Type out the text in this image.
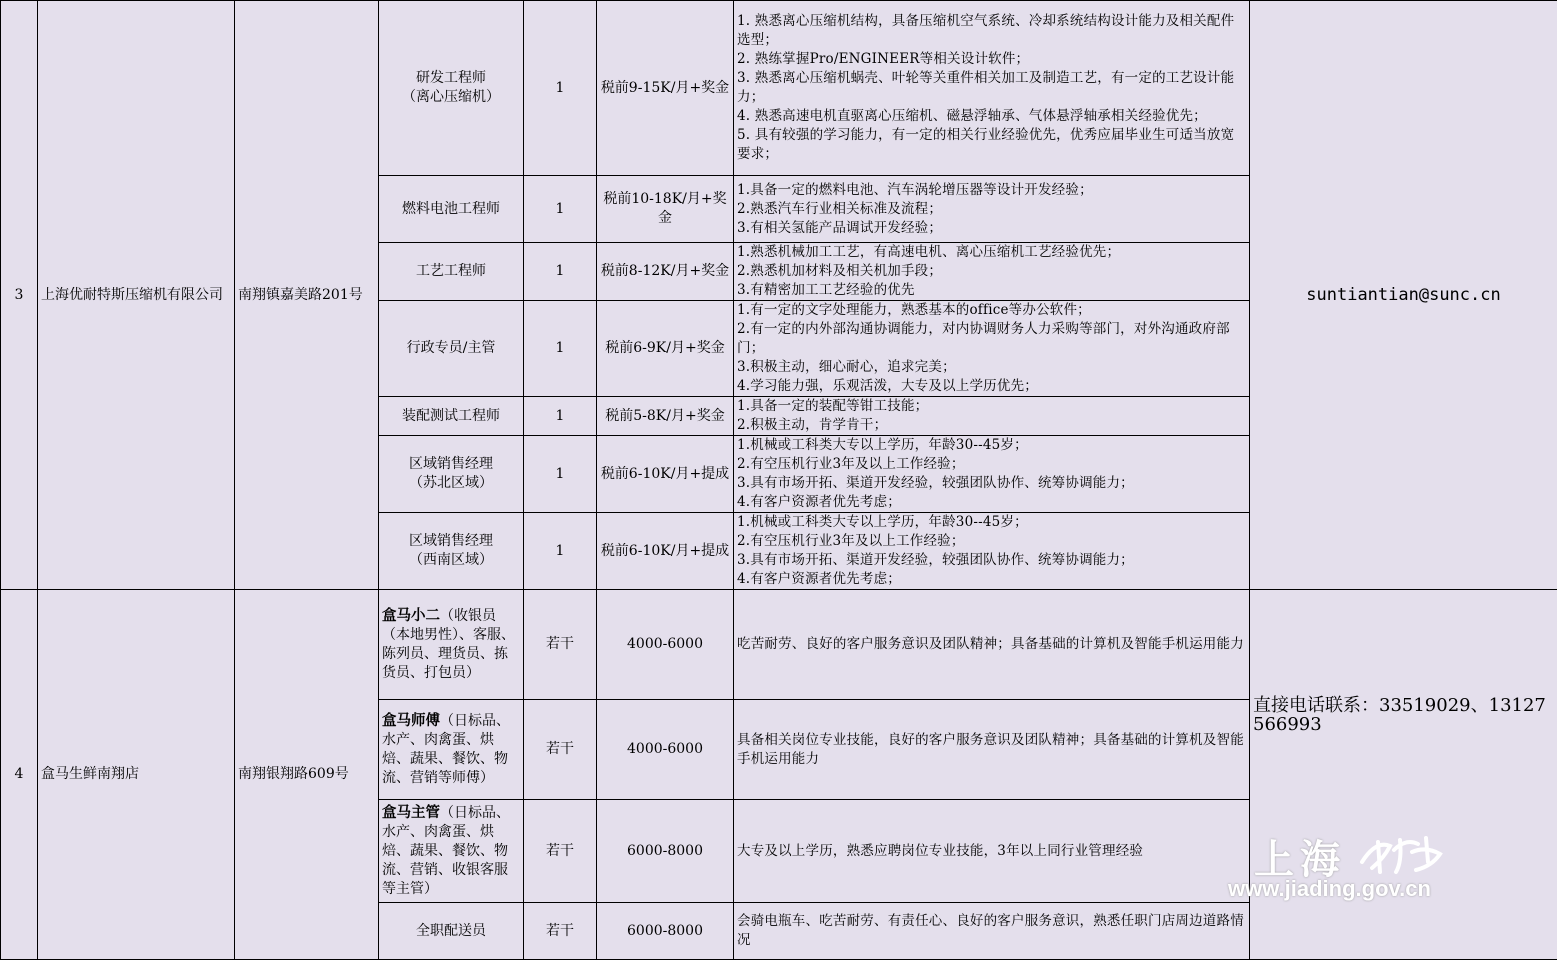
3	上海优耐特斯压缩机有限公司	南翔镇嘉美路201号	研发工程师
（离心压缩机）	1	税前9-15K/月+奖金	1. 熟悉离心压缩机结构，具备压缩机空气系统、冷却系统结构设计能力及相关配件选型；
2. 熟练掌握Pro/ENGINEER等相关设计软件；
3. 熟悉离心压缩机蜗壳、叶轮等关重件相关加工及制造工艺，有一定的工艺设计能力；
4. 熟悉高速电机直驱离心压缩机、磁悬浮轴承、气体悬浮轴承相关经验优先；
5. 具有较强的学习能力，有一定的相关行业经验优先，优秀应届毕业生可适当放宽要求；	suntiantian@sunc.cn
			燃料电池工程师	1	税前10-18K/月+奖金	1.具备一定的燃料电池、汽车涡轮增压器等设计开发经验；
2.熟悉汽车行业相关标准及流程；
3.有相关氢能产品调试开发经验；	

			工艺工程师	1	税前8-12K/月+奖金	1.熟悉机械加工工艺，有高速电机、离心压缩机工艺经验优先；
2.熟悉机加材料及相关机加手段；
3.有精密加工工艺经验的优先	

			行政专员/主管	1	税前6-9K/月+奖金	1.有一定的文字处理能力，熟悉基本的office等办公软件；
2.有一定的内外部沟通协调能力，对内协调财务人力采购等部门，对外沟通政府部门；
3.积极主动，细心耐心，追求完美；
4.学习能力强，乐观活泼，大专及以上学历优先；	

			装配测试工程师	1	税前5-8K/月+奖金	1.具备一定的装配等钳工技能；
2.积极主动，肯学肯干；	

			区域销售经理
（苏北区域）	1	税前6-10K/月+提成	1.机械或工科类大专以上学历，年龄30--45岁；
2.有空压机行业3年及以上工作经验；
3.具有市场开拓、渠道开发经验，较强团队协作、统筹协调能力；
4.有客户资源者优先考虑；	

			区域销售经理
（西南区域）	1	税前6-10K/月+提成	1.机械或工科类大专以上学历，年龄30--45岁；
2.有空压机行业3年及以上工作经验；
3.具有市场开拓、渠道开发经验，较强团队协作、统筹协调能力；
4.有客户资源者优先考虑；	

4	盒马生鲜南翔店	南翔银翔路609号	盒马小二（收银员（本地男性）、客服、陈列员、理货员、拣货员、打包员）	若干	4000-6000	吃苦耐劳、良好的客户服务意识及团队精神；具备基础的计算机及智能手机运用能力	直接电话联系：33519029、13127566993

			盒马师傅（日标品、水产、肉禽蛋、烘焙、蔬果、餐饮、物流、营销等师傅）	若干	4000-6000	具备相关岗位专业技能，良好的客户服务意识及团队精神；具备基础的计算机及智能手机运用能力	

			盒马主管（日标品、水产、肉禽蛋、烘焙、蔬果、餐饮、物流、营销、收银客服等主管）	若干	6000-8000	大专及以上学历，熟悉应聘岗位专业技能，3年以上同行业管理经验	

			全职配送员	若干	6000-8000	会骑电瓶车、吃苦耐劳、有责任心、良好的客户服务意识，熟悉任职门店周边道路情况	
上海
www.jiading.gov.cn
